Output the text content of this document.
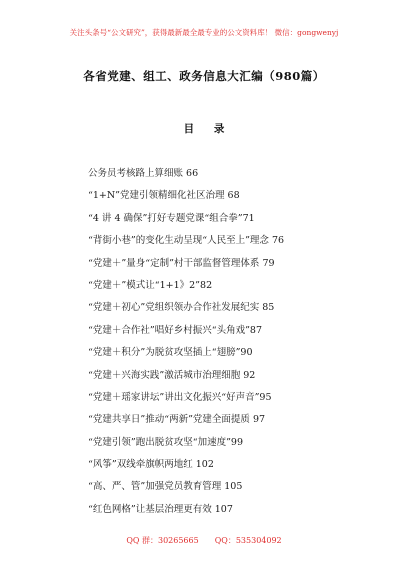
关注头条号“公文研究”，获得最新最全最专业的公文资料库！ 微信：gongwenyj
各省党建、组工、政务信息大汇编（980篇）
目 录
公务员考核路上算细账 66
“1+N”党建引领精细化社区治理 68
“4 讲 4 确保”打好专题党课“组合拳”71
“背街小巷”的变化生动呈现“人民至上”理念 76
“党建＋”量身“定制”村干部监督管理体系 79
“党建＋”模式让“1+1》2”82
“党建＋初心”党组织领办合作社发展纪实 85
“党建＋合作社”唱好乡村振兴“头角戏”87
“党建＋积分”为脱贫攻坚插上“翅膀”90
“党建＋兴海实践”激活城市治理细胞 92
“党建＋瑶家讲坛”讲出文化振兴“好声音”95
“党建共享日”推动“两新”党建全面提质 97
“党建引领”跑出脱贫攻坚“加速度”99
“风筝”双线牵旗帜两地红 102
“高、严、管”加强党员教育管理 105
“红色网格”让基层治理更有效 107
QQ 群：30265665 QQ：535304092
